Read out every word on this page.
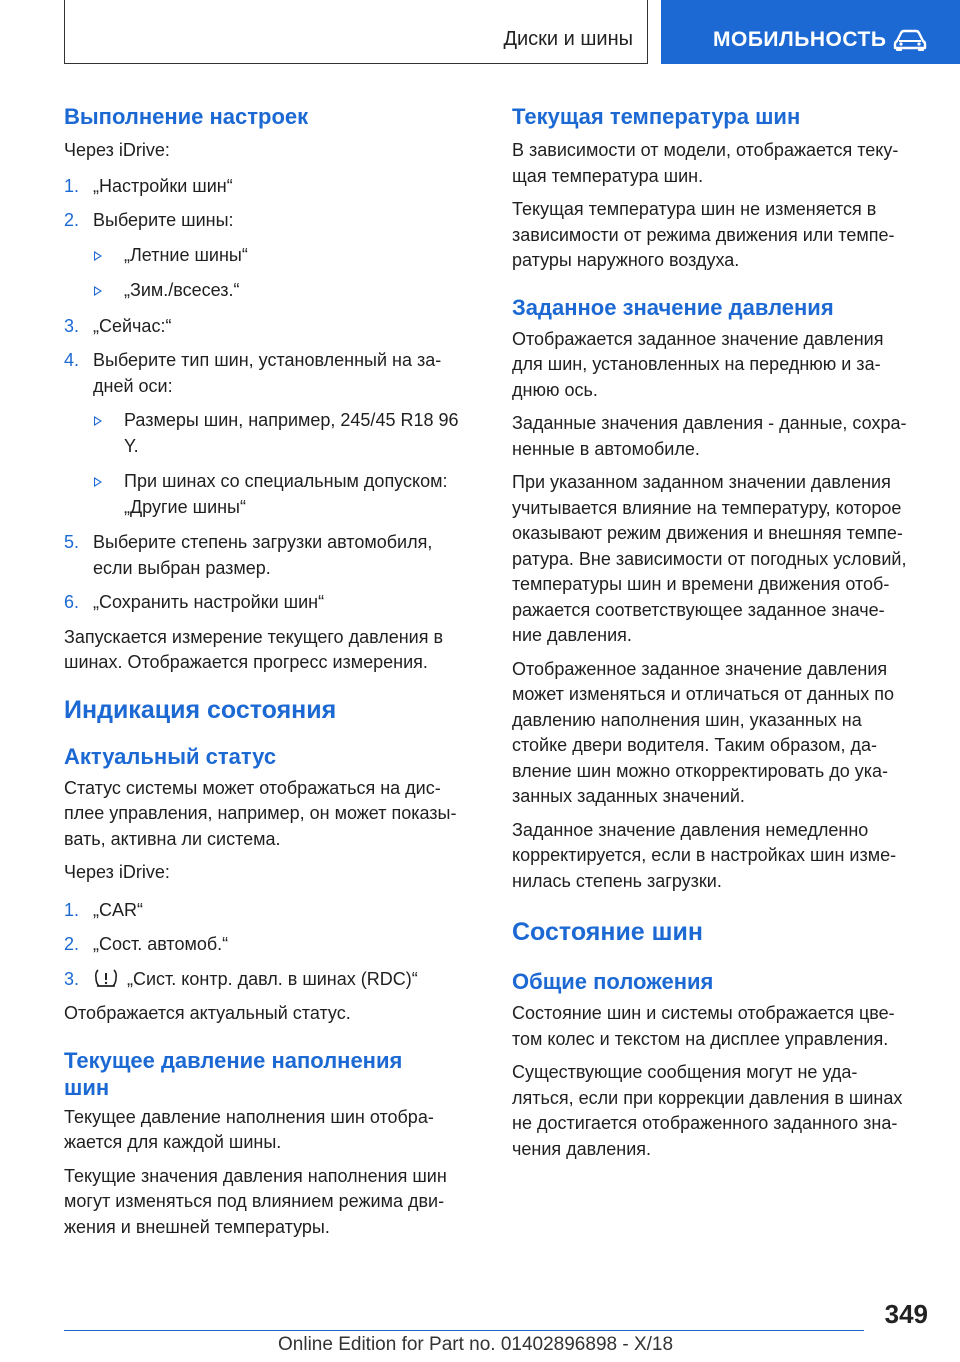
Диски и шины	МОБИЛЬНОСТЬ
Выполнение настроек

Через iDrive:

1. „Настройки шин“
2. Выберите шины:
„Летние шины“
„Зим./всесез.“
3. „Сейчас:“
4. Выберите тип шин, установленный на за-
дней оси:
Размеры шин, например, 245/45 R18 96
Y.
При шинах со специальным допуском:
„Другие шины“
5. Выберите степень загрузки автомобиля,
если выбран размер.
6. „Сохранить настройки шин“

Запускается измерение текущего давления в шинах. Отображается прогресс измерения.

Индикация состояния
Актуальный статус

Статус системы может отображаться на дис-
плее управления, например, он может показы-
вать, активна ли система.

Через iDrive:

1. „CAR“
2. „Сост. автомоб.“
3.	„Сист. контр. давл. в шинах (RDC)“

Отображается актуальный статус.

Текущее давление наполнения
шин

Текущее давление наполнения шин отобра-
жается для каждой шины.

Текущие значения давления наполнения шин
могут изменяться под влиянием режима дви-
жения и внешней температуры.

Текущая температура шин

В зависимости от модели, отображается теку-
щая температура шин.

Текущая температура шин не изменяется в
зависимости от режима движения или темпе-
ратуры наружного воздуха.

Заданное значение давления

Отображается заданное значение давления
для шин, установленных на переднюю и за-
днюю ось.

Заданные значения давления - данные, сохра-
ненные в автомобиле.

При указанном заданном значении давления
учитывается влияние на температуру, которое
оказывают режим движения и внешняя темпе-
ратура. Вне зависимости от погодных условий,
температуры шин и времени движения отоб-
ражается соответствующее заданное значе-
ние давления.

Отображенное заданное значение давления
может изменяться и отличаться от данных по
давлению наполнения шин, указанных на
стойке двери водителя. Таким образом, да-
вление шин можно откорректировать до ука-
занных заданных значений.

Заданное значение давления немедленно
корректируется, если в настройках шин изме-
нилась степень загрузки.

Состояние шин
Общие положения

Состояние шин и системы отображается цве-
том колес и текстом на дисплее управления.

Существующие сообщения могут не уда-
ляться, если при коррекции давления в шинах
не достигается отображенного заданного зна-
чения давления.

349
Online Edition for Part no. 01402896898 - X/18
